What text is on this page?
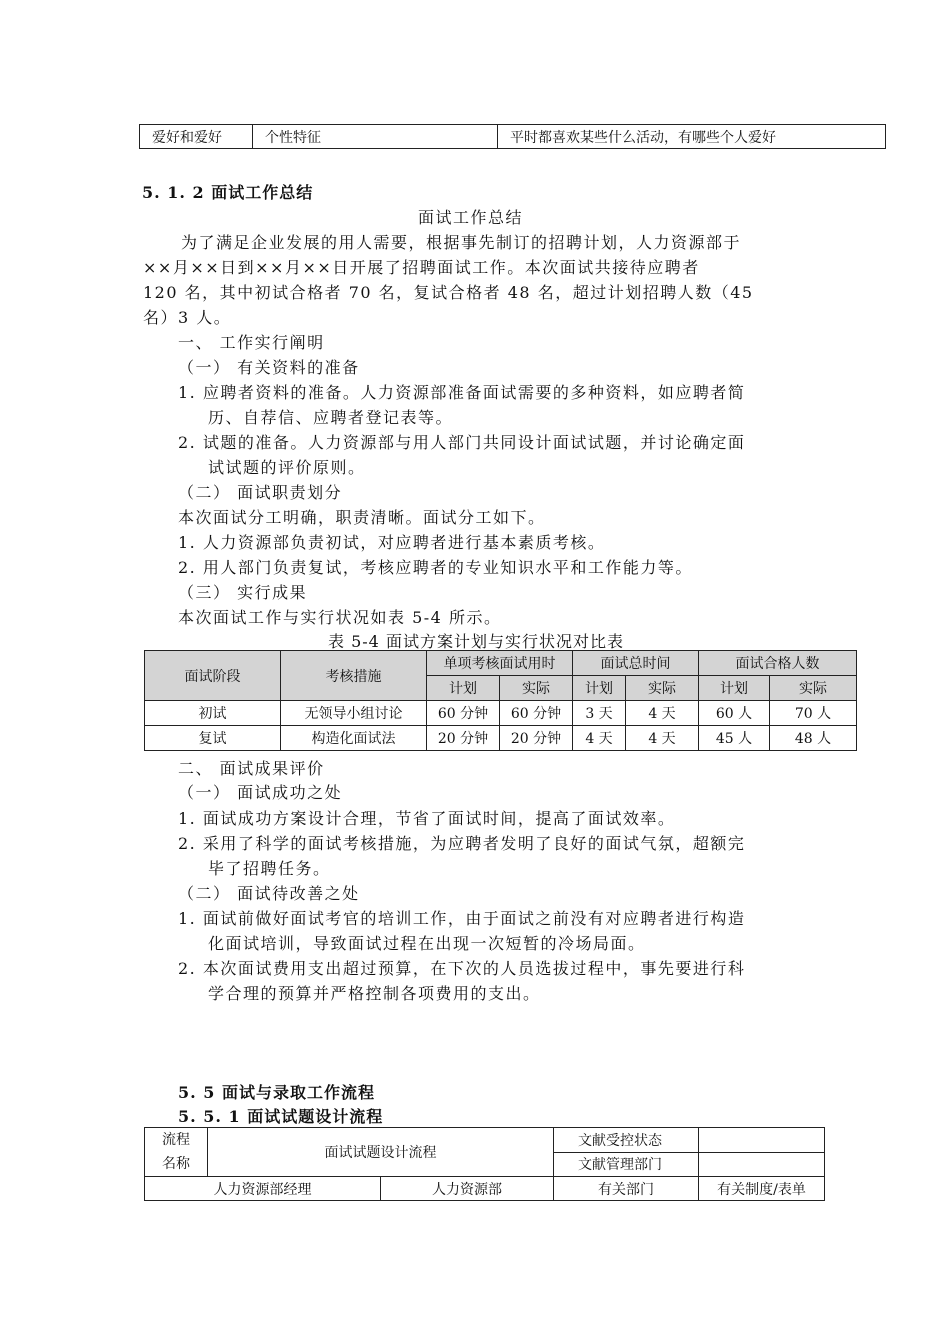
爱好和爱好	个性特征	平时都喜欢某些什么活动，有哪些个人爱好
5. 1. 2 面试工作总结
面试工作总结
为了满足企业发展的用人需要，根据事先制订的招聘计划，人力资源部于
××月××日到××月××日开展了招聘面试工作。本次面试共接待应聘者
120 名，其中初试合格者 70 名，复试合格者 48 名，超过计划招聘人数（45
名）3 人。
一、 工作实行阐明
（一） 有关资料的准备
1. 应聘者资料的准备。人力资源部准备面试需要的多种资料，如应聘者简
历、自荐信、应聘者登记表等。
2. 试题的准备。人力资源部与用人部门共同设计面试试题，并讨论确定面
试试题的评价原则。
（二） 面试职责划分
本次面试分工明确，职责清晰。面试分工如下。
1. 人力资源部负责初试，对应聘者进行基本素质考核。
2. 用人部门负责复试，考核应聘者的专业知识水平和工作能力等。
（三） 实行成果
本次面试工作与实行状况如表 5-4 所示。
表 5-4 面试方案计划与实行状况对比表
面试阶段	考核措施	单项考核面试用时		面试总时间		面试合格人数	
		计划	实际	计划	实际	计划	实际
初试	无领导小组讨论	60 分钟	60 分钟	3 天	4 天	60 人	70 人
复试	构造化面试法	20 分钟	20 分钟	4 天	4 天	45 人	48 人
二、 面试成果评价
（一） 面试成功之处
1. 面试成功方案设计合理，节省了面试时间，提高了面试效率。
2. 采用了科学的面试考核措施，为应聘者发明了良好的面试气氛，超额完
毕了招聘任务。
（二） 面试待改善之处
1. 面试前做好面试考官的培训工作，由于面试之前没有对应聘者进行构造
化面试培训，导致面试过程在出现一次短暂的冷场局面。
2. 本次面试费用支出超过预算，在下次的人员选拔过程中，事先要进行科
学合理的预算并严格控制各项费用的支出。
5. 5 面试与录取工作流程
5. 5. 1 面试试题设计流程
流程
名称	面试试题设计流程		文献受控状态	
			文献管理部门	
人力资源部经理		人力资源部	有关部门	有关制度/表单
